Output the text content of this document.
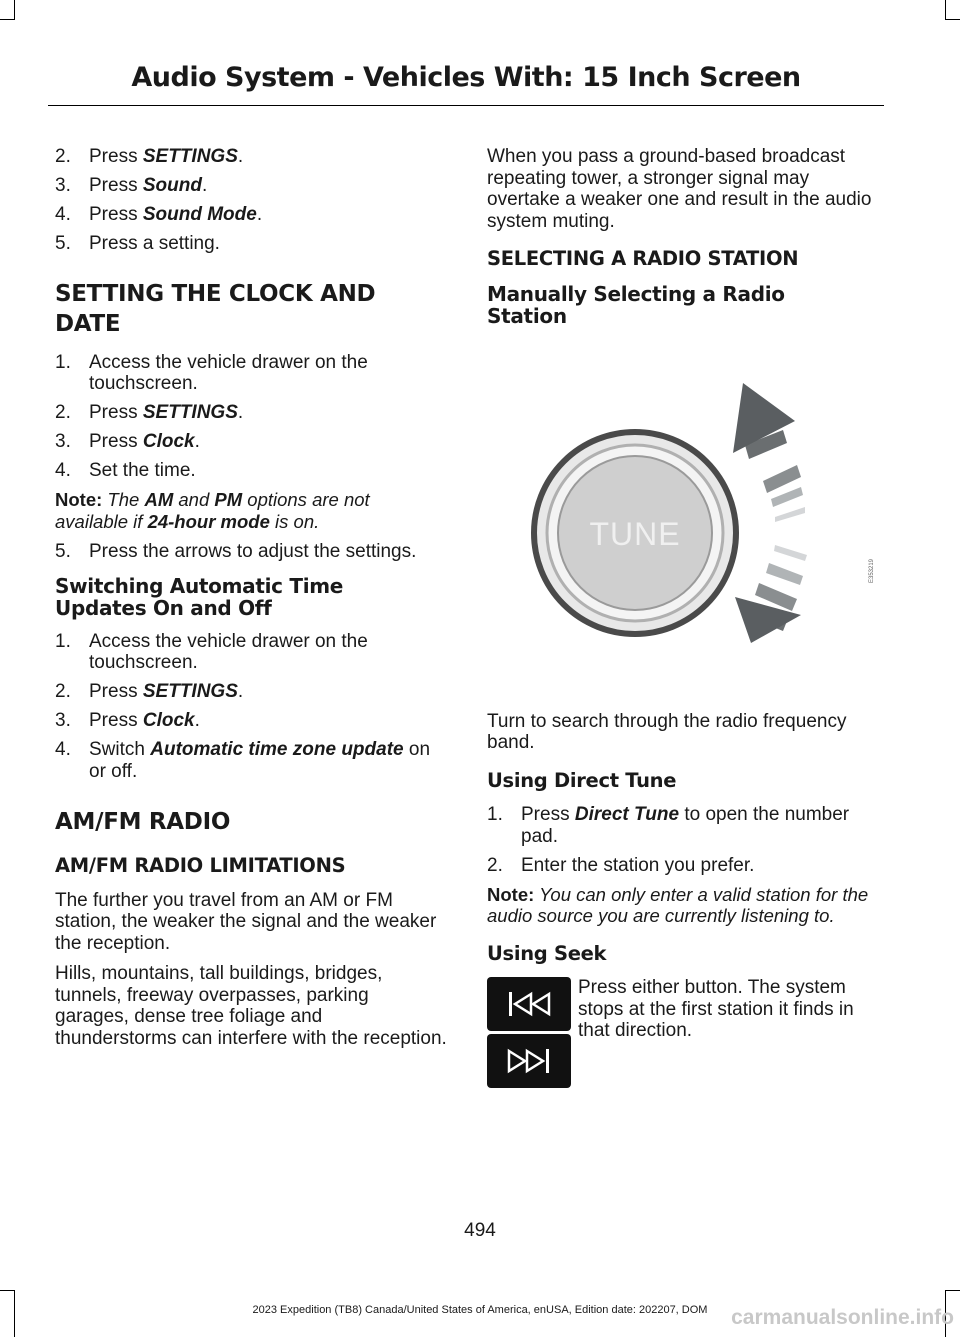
Audio System - Vehicles With: 15 Inch Screen
2. Press SETTINGS.
3. Press Sound.
4. Press Sound Mode.
5. Press a setting.
SETTING THE CLOCK AND DATE
1. Access the vehicle drawer on the touchscreen.
2. Press SETTINGS.
3. Press Clock.
4. Set the time.
Note: The AM and PM options are not available if 24-hour mode is on.
5. Press the arrows to adjust the settings.
Switching Automatic Time Updates On and Off
1. Access the vehicle drawer on the touchscreen.
2. Press SETTINGS.
3. Press Clock.
4. Switch Automatic time zone update on or off.
AM/FM RADIO
AM/FM RADIO LIMITATIONS

The further you travel from an AM or FM station, the weaker the signal and the weaker the reception.

Hills, mountains, tall buildings, bridges, tunnels, freeway overpasses, parking garages, dense tree foliage and thunderstorms can interfere with the reception.

When you pass a ground-based broadcast repeating tower, a stronger signal may overtake a weaker one and result in the audio system muting.

SELECTING A RADIO STATION
Manually Selecting a Radio Station
TUNE
E353219

Turn to search through the radio frequency band.

Using Direct Tune
1. Press Direct Tune to open the number pad.
2. Enter the station you prefer.
Note: You can only enter a valid station for the audio source you are currently listening to.
Using Seek
Press either button. The system stops at the first station it finds in that direction.
494
2023 Expedition (TB8) Canada/United States of America, enUSA, Edition date: 202207, DOM	carmanualsonline.info
